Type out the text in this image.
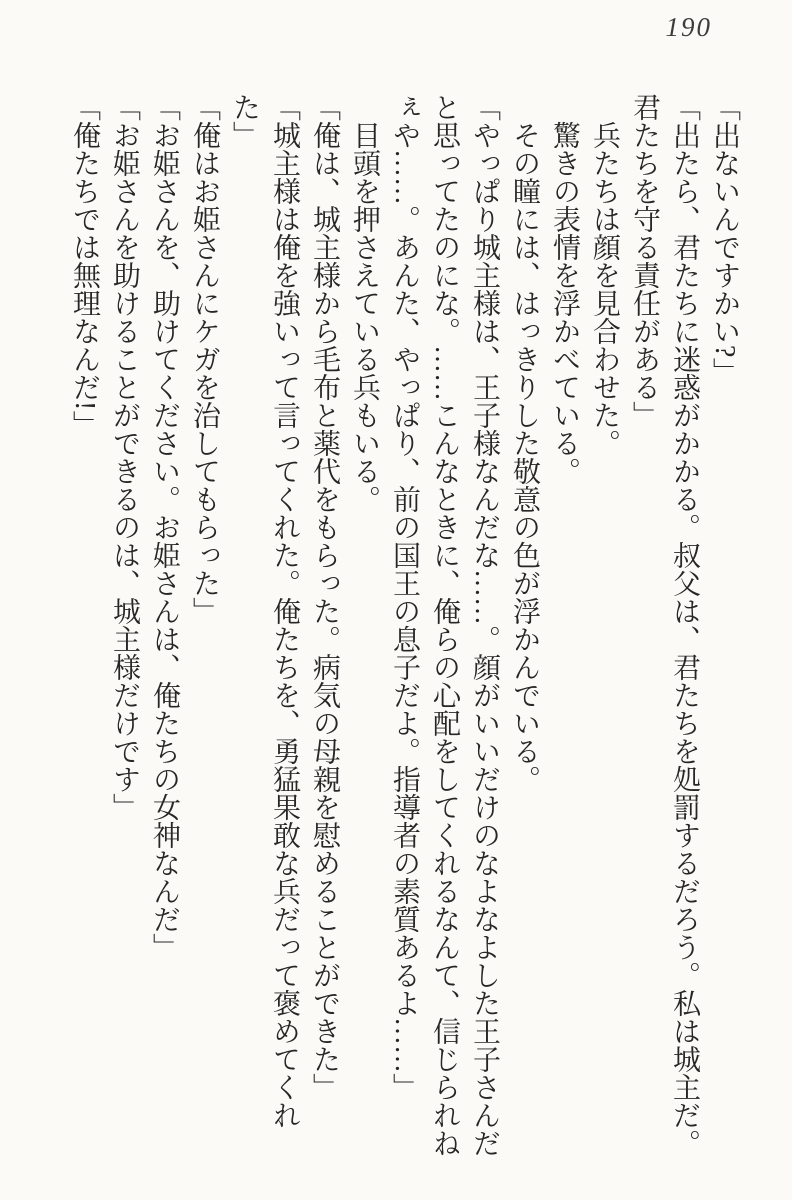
190
「出ないんですかい?」
「出たら、君たちに迷惑がかかる。叔父は、君たちを処罰するだろう。私は城主だ。
君たちを守る責任がある」
兵たちは顔を見合わせた。
驚きの表情を浮かべている。
その瞳には、はっきりした敬意の色が浮かんでいる。
「やっぱり城主様は、王子様なんだな……。顔がいいだけのなよなよした王子さんだ
と思ってたのにな。……こんなときに、俺らの心配をしてくれるなんて、信じられね
ぇや……。あんた、やっぱり、前の国王の息子だよ。指導者の素質あるよ……」
目頭を押さえている兵もいる。
「俺は、城主様から毛布と薬代をもらった。病気の母親を慰めることができた」
「城主様は俺を強いって言ってくれた。俺たちを、勇猛果敢な兵だって褒めてくれ
た」
「俺はお姫さんにケガを治してもらった」
「お姫さんを、助けてください。お姫さんは、俺たちの女神なんだ」
「お姫さんを助けることができるのは、城主様だけです」
「俺たちでは無理なんだ!」
